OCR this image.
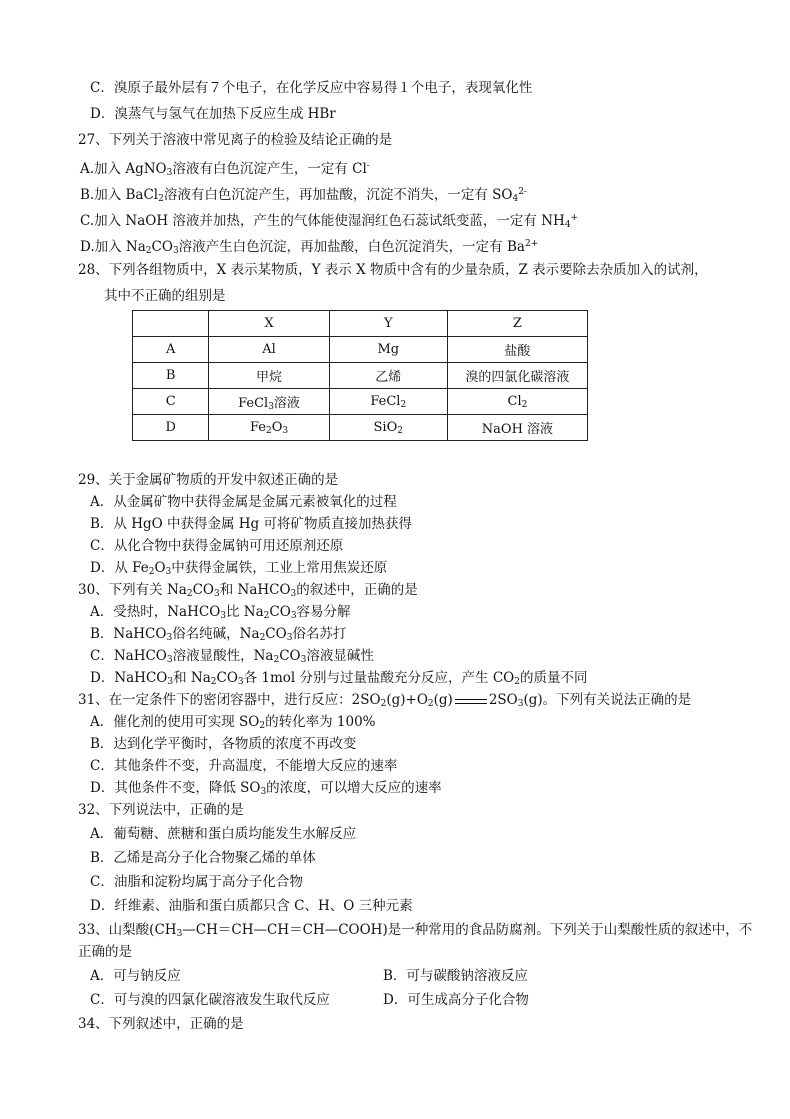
C．溴原子最外层有７个电子，在化学反应中容易得１个电子，表现氧化性
D．溴蒸气与氢气在加热下反应生成 HBr
27、下列关于溶液中常见离子的检验及结论正确的是
A.加入 AgNO$_3$溶液有白色沉淀产生，一定有 Cl-
B.加入 BaCl$_2$溶液有白色沉淀产生，再加盐酸，沉淀不消失，一定有 $SO_4^{2-}$
C.加入 NaOH 溶液并加热，产生的气体能使湿润红色石蕊试纸变蓝，一定有 $NH_4^+$
D.加入 $Na_2CO_3$溶液产生白色沉淀，再加盐酸，白色沉淀消失，一定有 $Ba^{2+}$
28、下列各组物质中，X 表示某物质，Y 表示 X 物质中含有的少量杂质，Z 表示要除去杂质加入的试剂，
其中不正确的组别是
	X	Y	Z
A	Al	Mg	盐酸
B	甲烷	乙烯	溴的四氯化碳溶液
C	FeCl$_3$溶液	FeCl$_2$	$Cl_2$
D	$Fe_2O_3$	SiO$_2$	NaOH 溶液
29、关于金属矿物质的开发中叙述正确的是
A．从金属矿物中获得金属是金属元素被氧化的过程
B．从 HgO 中获得金属 Hg 可将矿物质直接加热获得
C．从化合物中获得金属钠可用还原剂还原
D．从 $Fe_2O_3$中获得金属铁，工业上常用焦炭还原
30、下列有关 $Na_2CO_3$和 NaHCO$_3$的叙述中，正确的是
A．受热时，NaHCO$_3$比 $Na_2CO_3$容易分解
B．NaHCO$_3$俗名纯碱，$Na_2CO_3$俗名苏打
C．NaHCO$_3$溶液显酸性，$Na_2CO_3$溶液显碱性
D．NaHCO$_3$和 $Na_2CO_3$各 1mol 分别与过量盐酸充分反应，产生 $CO_2$的质量不同
31、在一定条件下的密闭容器中，进行反应：$2SO_2(g)+O_2(g)$	$2SO_3(g)$。下列有关说法正确的是
A．催化剂的使用可实现 $SO_2$的转化率为 100%
B．达到化学平衡时，各物质的浓度不再改变
C．其他条件不变，升高温度，不能增大反应的速率
D．其他条件不变，降低 $SO_3$的浓度，可以增大反应的速率
32、下列说法中，正确的是
A．葡萄糖、蔗糖和蛋白质均能发生水解反应
B．乙烯是高分子化合物聚乙烯的单体
C．油脂和淀粉均属于高分子化合物
D．纤维素、油脂和蛋白质都只含 C、H、O 三种元素
33、山梨酸$(CH_3—CH=CH—CH=CH—COOH)$是一种常用的食品防腐剂。下列关于山梨酸性质的叙述中，不
正确的是
A．可与钠反应	B．可与碳酸钠溶液反应
C．可与溴的四氯化碳溶液发生取代反应	D．可生成高分子化合物
34、下列叙述中，正确的是
